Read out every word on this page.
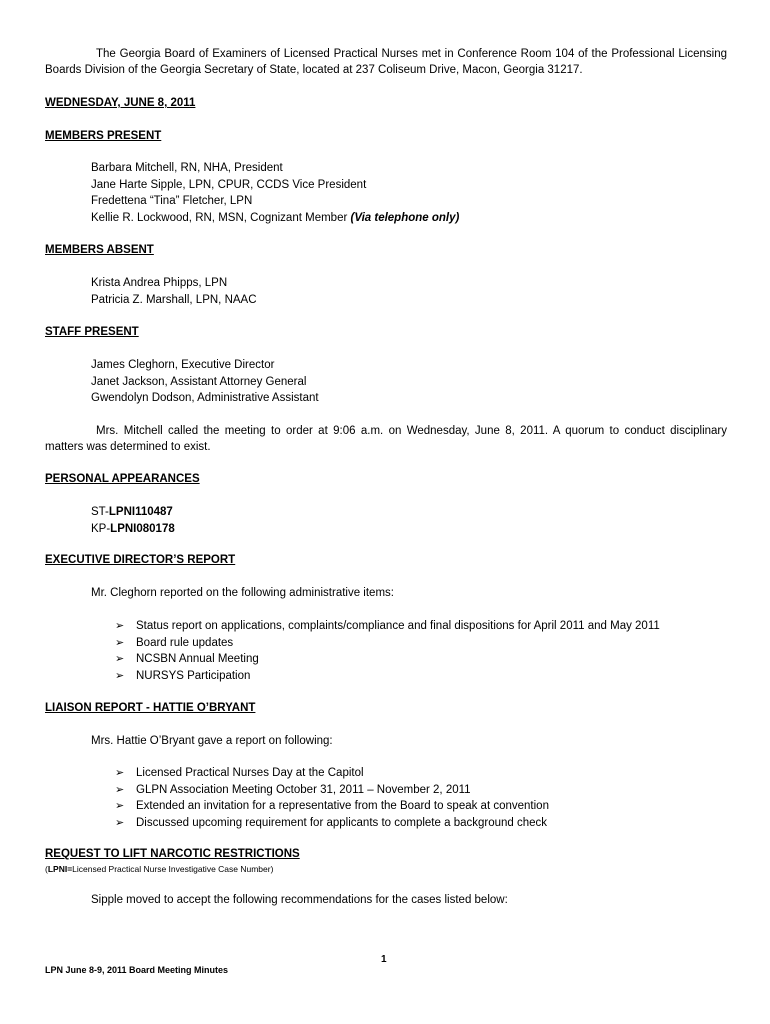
The Georgia Board of Examiners of Licensed Practical Nurses met in Conference Room 104 of the Professional Licensing Boards Division of the Georgia Secretary of State, located at 237 Coliseum Drive, Macon, Georgia 31217.

WEDNESDAY, JUNE 8, 2011
MEMBERS PRESENT
Barbara Mitchell, RN, NHA, President
Jane Harte Sipple, LPN, CPUR, CCDS Vice President
Fredettena “Tina” Fletcher, LPN
Kellie R. Lockwood, RN, MSN, Cognizant Member (Via telephone only)
MEMBERS ABSENT
Krista Andrea Phipps, LPN
Patricia Z. Marshall, LPN, NAAC
STAFF PRESENT
James Cleghorn, Executive Director
Janet Jackson, Assistant Attorney General
Gwendolyn Dodson, Administrative Assistant

Mrs. Mitchell called the meeting to order at 9:06 a.m. on Wednesday, June 8, 2011. A quorum to conduct disciplinary matters was determined to exist.

PERSONAL APPEARANCES
ST-LPNI110487
KP-LPNI080178
EXECUTIVE DIRECTOR’S REPORT
Mr. Cleghorn reported on the following administrative items:
➢ Status report on applications, complaints/compliance and final dispositions for April 2011 and May 2011
➢ Board rule updates
➢ NCSBN Annual Meeting
➢ NURSYS Participation
LIAISON REPORT - HATTIE O’BRYANT
Mrs. Hattie O’Bryant gave a report on following:
➢ Licensed Practical Nurses Day at the Capitol
➢ GLPN Association Meeting October 31, 2011 – November 2, 2011
➢ Extended an invitation for a representative from the Board to speak at convention
➢ Discussed upcoming requirement for applicants to complete a background check
REQUEST TO LIFT NARCOTIC RESTRICTIONS
(LPNI=Licensed Practical Nurse Investigative Case Number)
Sipple moved to accept the following recommendations for the cases listed below:
1
LPN June 8-9, 2011 Board Meeting Minutes
